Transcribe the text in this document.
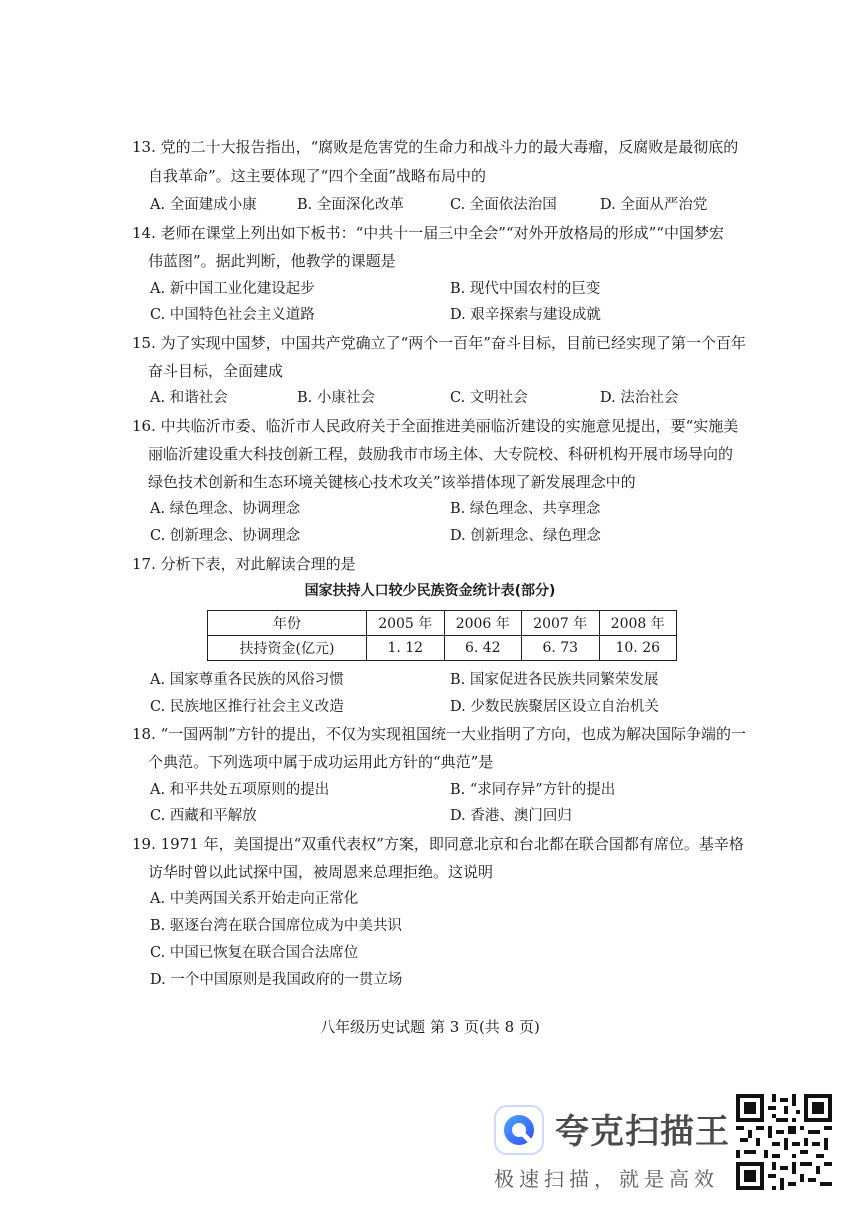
13. 党的二十大报告指出，“腐败是危害党的生命力和战斗力的最大毒瘤，反腐败是最彻底的
自我革命”。这主要体现了“四个全面”战略布局中的
A. 全面建成小康	B. 全面深化改革	C. 全面依法治国	D. 全面从严治党
14. 老师在课堂上列出如下板书：“中共十一届三中全会”“对外开放格局的形成”“中国梦宏
伟蓝图”。据此判断，他教学的课题是
A. 新中国工业化建设起步	B. 现代中国农村的巨变
C. 中国特色社会主义道路	D. 艰辛探索与建设成就
15. 为了实现中国梦，中国共产党确立了“两个一百年”奋斗目标，目前已经实现了第一个百年
奋斗目标，全面建成
A. 和谐社会	B. 小康社会	C. 文明社会	D. 法治社会
16. 中共临沂市委、临沂市人民政府关于全面推进美丽临沂建设的实施意见提出，要“实施美
丽临沂建设重大科技创新工程，鼓励我市市场主体、大专院校、科研机构开展市场导向的
绿色技术创新和生态环境关键核心技术攻关”该举措体现了新发展理念中的
A. 绿色理念、协调理念	B. 绿色理念、共享理念
C. 创新理念、协调理念	D. 创新理念、绿色理念
17. 分析下表，对此解读合理的是
国家扶持人口较少民族资金统计表(部分)
年份	2005 年	2006 年	2007 年	2008 年
扶持资金(亿元)	1. 12	6. 42	6. 73	10. 26
A. 国家尊重各民族的风俗习惯	B. 国家促进各民族共同繁荣发展
C. 民族地区推行社会主义改造	D. 少数民族聚居区设立自治机关
18. “一国两制”方针的提出，不仅为实现祖国统一大业指明了方向，也成为解决国际争端的一
个典范。下列选项中属于成功运用此方针的“典范”是
A. 和平共处五项原则的提出	B. “求同存异”方针的提出
C. 西藏和平解放	D. 香港、澳门回归
19. 1971 年，美国提出“双重代表权”方案，即同意北京和台北都在联合国都有席位。基辛格
访华时曾以此试探中国，被周恩来总理拒绝。这说明
A. 中美两国关系开始走向正常化
B. 驱逐台湾在联合国席位成为中美共识
C. 中国已恢复在联合国合法席位
D. 一个中国原则是我国政府的一贯立场
八年级历史试题 第 3 页(共 8 页)
夸克扫描王
极速扫描，就是高效
